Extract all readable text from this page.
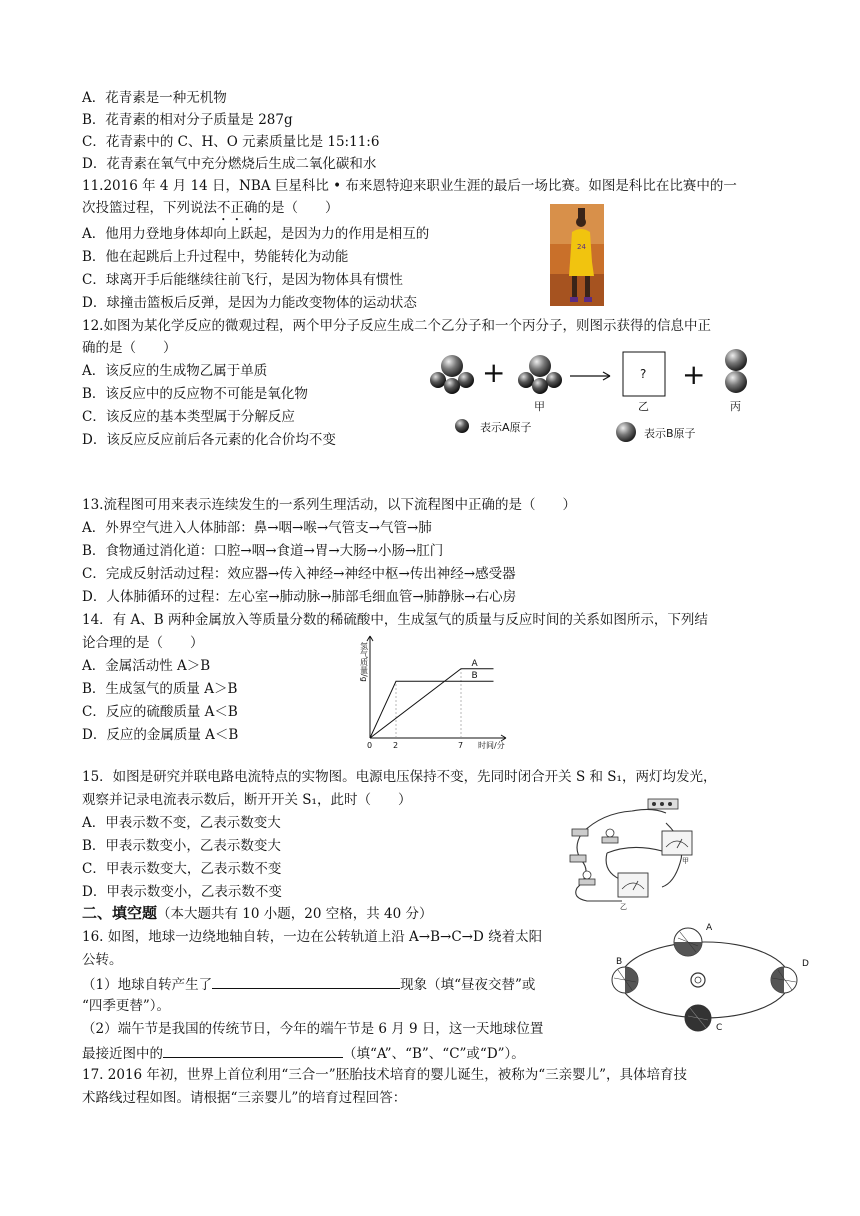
A．花青素是一种无机物
B．花青素的相对分子质量是 287g
C．花青素中的 C、H、O 元素质量比是 15:11:6
D．花青素在氧气中充分燃烧后生成二氧化碳和水
11.2016 年 4 月 14 日，NBA 巨星科比 • 布来恩特迎来职业生涯的最后一场比赛。如图是科比在比赛中的一
次投篮过程，下列说法不正确的是（　　）
A．他用力登地身体却向上跃起，是因为力的作用是相互的
B．他在起跳后上升过程中，势能转化为动能
C．球离开手后能继续往前飞行，是因为物体具有惯性
D．球撞击篮板后反弹，是因为力能改变物体的运动状态
24
12.如图为某化学反应的微观过程，两个甲分子反应生成二个乙分子和一个丙分子，则图示获得的信息中正
确的是（　　）
A．该反应的生成物乙属于单质
B．该反应中的反应物不可能是氧化物
C．该反应的基本类型属于分解反应
D．该反应反应前后各元素的化合价均不变
+
甲
?
乙
+
丙
表示A原子	表示B原子
13.流程图可用来表示连续发生的一系列生理活动，以下流程图中正确的是（　　）
A．外界空气进入人体肺部：鼻→咽→喉→气管支→气管→肺
B．食物通过消化道：口腔→咽→食道→胃→大肠→小肠→肛门
C．完成反射活动过程：效应器→传入神经→神经中枢→传出神经→感受器
D．人体肺循环的过程：左心室→肺动脉→肺部毛细血管→肺静脉→右心房
14．有 A、B 两种金属放入等质量分数的稀硫酸中，生成氢气的质量与反应时间的关系如图所示，下列结
论合理的是（　　）
A．金属活动性 A＞B
B．生成氢气的质量 A＞B
C．反应的硫酸质量 A＜B
D．反应的金属质量 A＜B
氢气质量/g
时间/分
0	2	7
A
B
15．如图是研究并联电路电流特点的实物图。电源电压保持不变，先同时闭合开关 S 和 S₁，两灯均发光，
观察并记录电流表示数后，断开开关 S₁，此时（　　）
A．甲表示数不变，乙表示数变大
B．甲表示数变小，乙表示数变大
C．甲表示数变大，乙表示数不变
D．甲表示数变小，乙表示数不变
甲
乙
二、填空题（本大题共有 10 小题，20 空格，共 40 分）
16. 如图，地球一边绕地轴自转，一边在公转轨道上沿 A→B→C→D 绕着太阳
公转。
（1）地球自转产生了	现象（填“昼夜交替”或
“四季更替”）。
（2）端午节是我国的传统节日，今年的端午节是 6 月 9 日，这一天地球位置
最接近图中的	（填“A”、“B”、“C”或“D”）。
A
B
C
D
17. 2016 年初，世界上首位利用“三合一”胚胎技术培育的婴儿诞生，被称为“三亲婴儿”，具体培育技
术路线过程如图。请根据“三亲婴儿”的培育过程回答：
